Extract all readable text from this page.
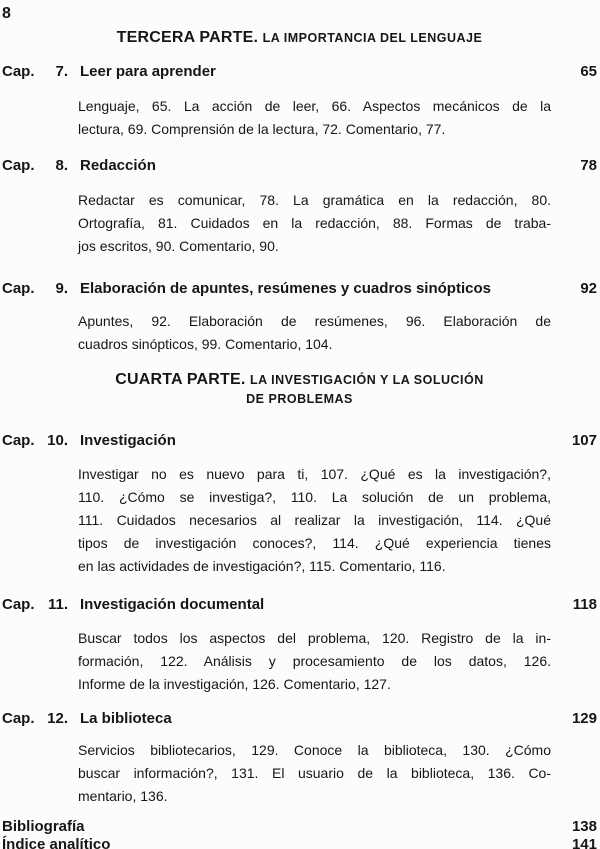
8
TERCERA PARTE. LA IMPORTANCIA DEL LENGUAJE
Cap.	7. Leer para aprender	65
Lenguaje, 65. La acción de leer, 66. Aspectos mecánicos de la
lectura, 69. Comprensión de la lectura, 72. Comentario, 77.
Cap.	8. Redacción	78
Redactar es comunicar, 78. La gramática en la redacción, 80.
Ortografía, 81. Cuidados en la redacción, 88. Formas de traba-
jos escritos, 90. Comentario, 90.
Cap.	9. Elaboración de apuntes, resúmenes y cuadros sinópticos	92
Apuntes, 92. Elaboración de resúmenes, 96. Elaboración de
cuadros sinópticos, 99. Comentario, 104.
CUARTA PARTE. LA INVESTIGACIÓN Y LA SOLUCIÓN
DE PROBLEMAS
Cap. 10. Investigación	107
Investigar no es nuevo para ti, 107. ¿Qué es la investigación?,
110. ¿Cómo se investiga?, 110. La solución de un problema,
111. Cuidados necesarios al realizar la investigación, 114. ¿Qué
tipos de investigación conoces?, 114. ¿Qué experiencia tienes
en las actividades de investigación?, 115. Comentario, 116.
Cap. 11. Investigación documental	118
Buscar todos los aspectos del problema, 120. Registro de la in-
formación, 122. Análisis y procesamiento de los datos, 126.
Informe de la investigación, 126. Comentario, 127.
Cap. 12. La biblioteca	129
Servicios bibliotecarios, 129. Conoce la biblioteca, 130. ¿Cómo
buscar información?, 131. El usuario de la biblioteca, 136. Co-
mentario, 136.
Bibliografía	138
Índice analítico	141
